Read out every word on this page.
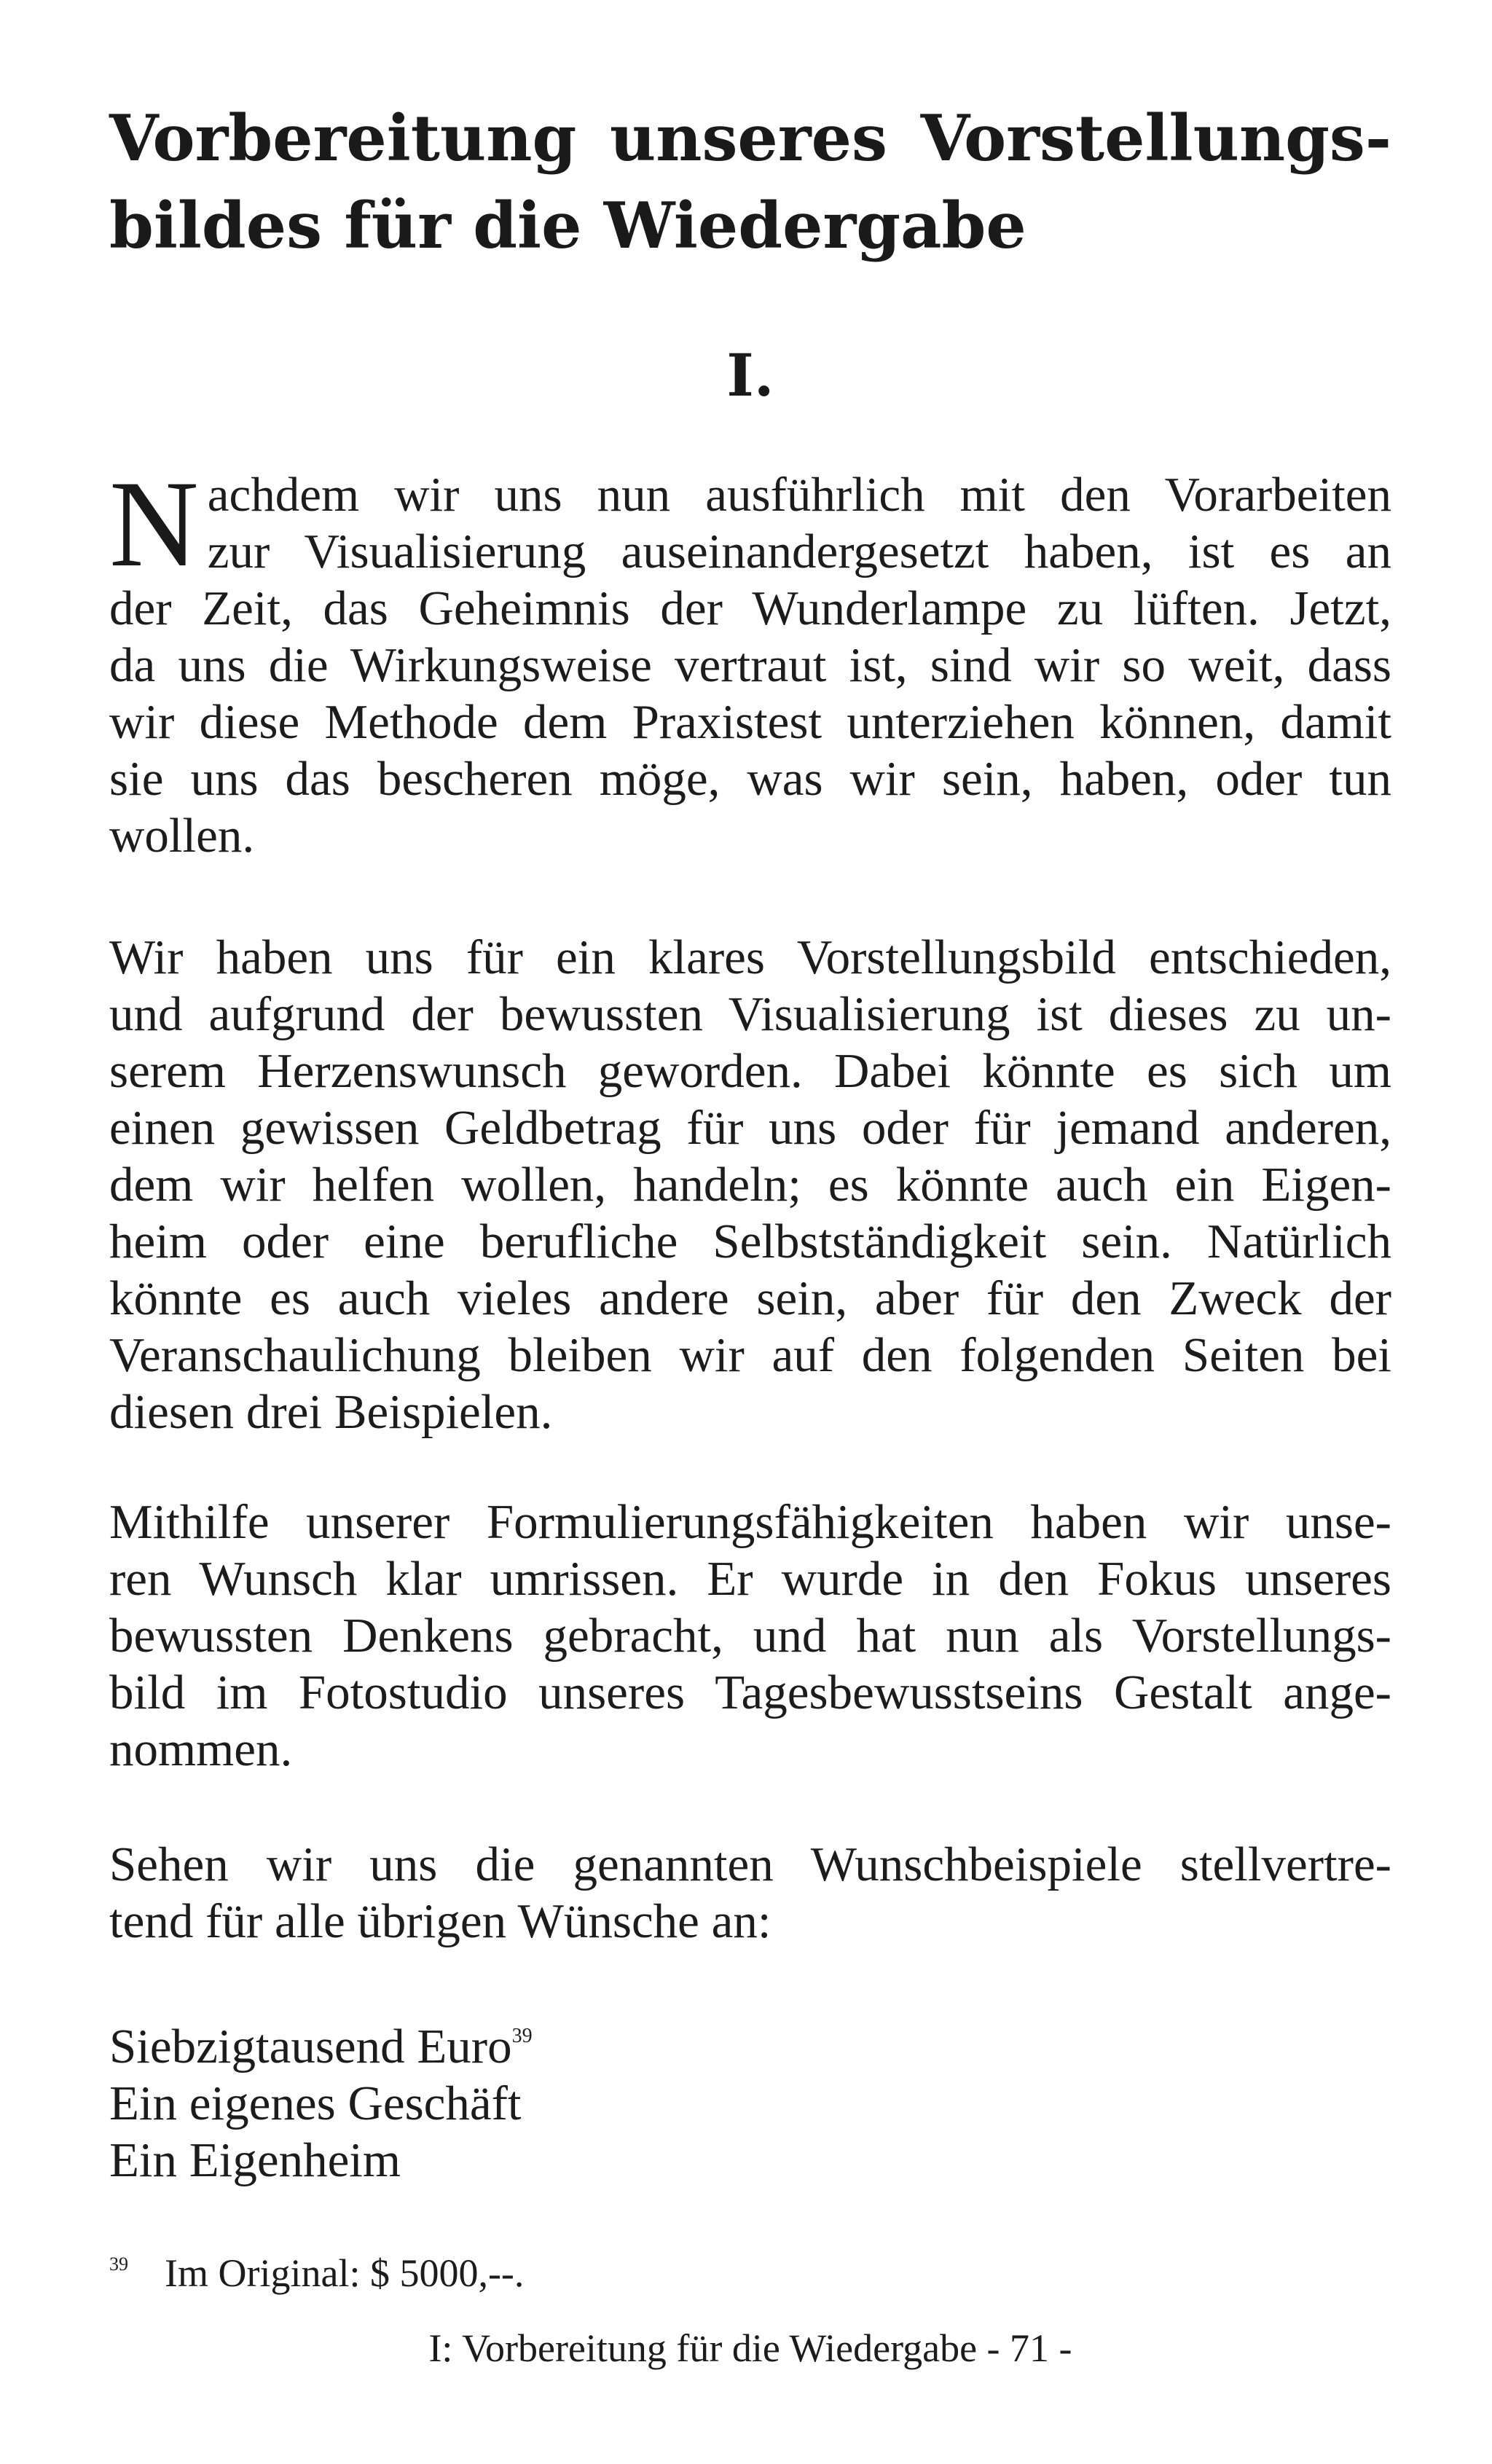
Vorbereitung unseres Vorstellungs-
bildes für die Wiedergabe
I.
N achdem wir uns nun ausführlich mit den Vorarbeiten
zur Visualisierung auseinandergesetzt haben, ist es an
der Zeit, das Geheimnis der Wunderlampe zu lüften. Jetzt,
da uns die Wirkungsweise vertraut ist, sind wir so weit, dass
wir diese Methode dem Praxistest unterziehen können, damit
sie uns das bescheren möge, was wir sein, haben, oder tun
wollen.
Wir haben uns für ein klares Vorstellungsbild entschieden,
und aufgrund der bewussten Visualisierung ist dieses zu un-
serem Herzenswunsch geworden. Dabei könnte es sich um
einen gewissen Geldbetrag für uns oder für jemand anderen,
dem wir helfen wollen, handeln; es könnte auch ein Eigen-
heim oder eine berufliche Selbstständigkeit sein. Natürlich
könnte es auch vieles andere sein, aber für den Zweck der
Veranschaulichung bleiben wir auf den folgenden Seiten bei
diesen drei Beispielen.
Mithilfe unserer Formulierungsfähigkeiten haben wir unse-
ren Wunsch klar umrissen. Er wurde in den Fokus unseres
bewussten Denkens gebracht, und hat nun als Vorstellungs-
bild im Fotostudio unseres Tagesbewusstseins Gestalt ange-
nommen.
Sehen wir uns die genannten Wunschbeispiele stellvertre-
tend für alle übrigen Wünsche an:
Siebzigtausend Euro$^{39}$
Ein eigenes Geschäft
Ein Eigenheim
39 Im Original: $ 5000,--.
I: Vorbereitung für die Wiedergabe - 71 -
